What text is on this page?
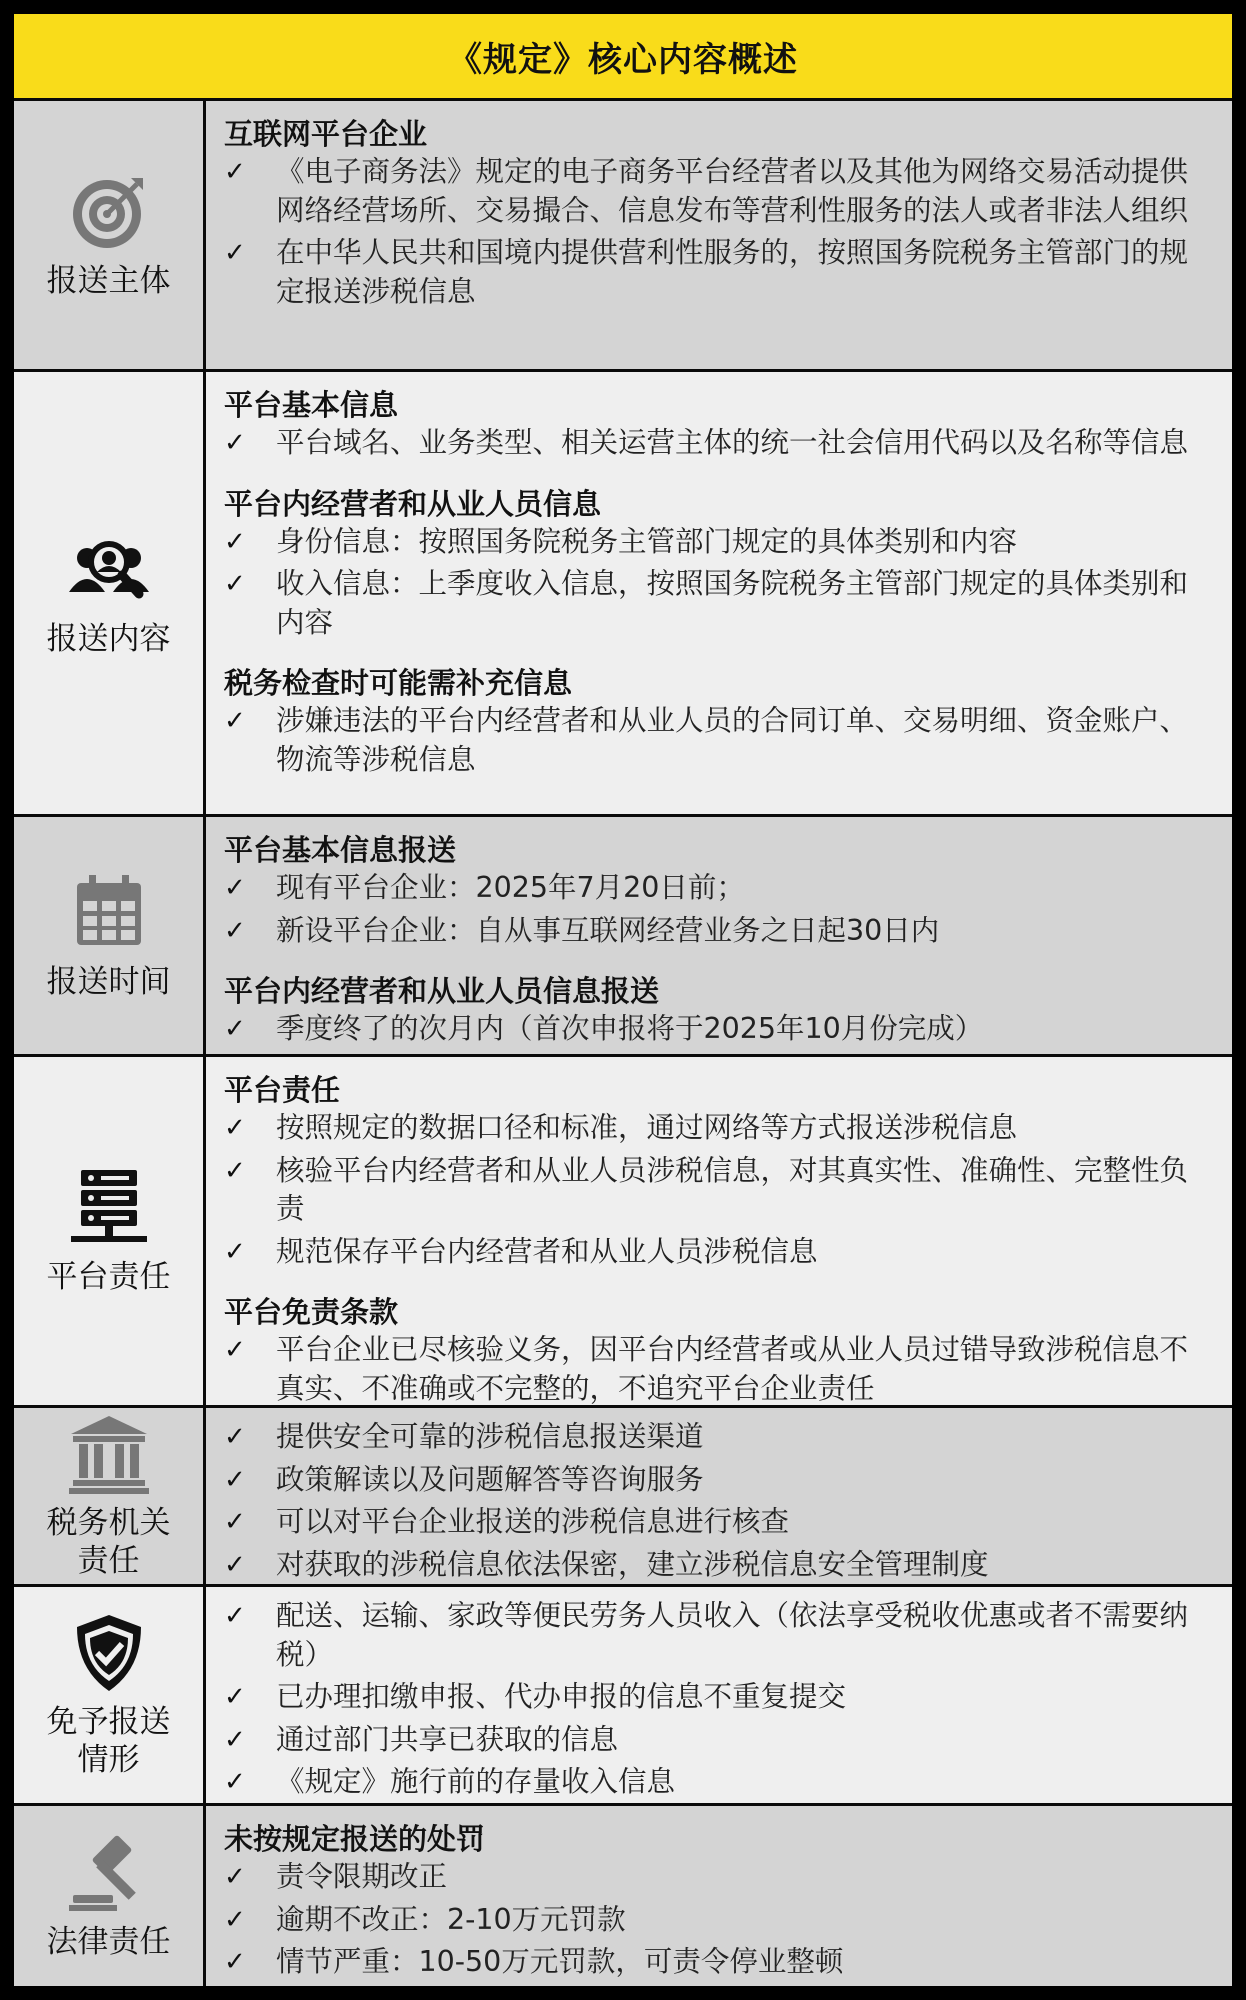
《规定》核心内容概述
报送主体
互联网平台企业
✓	《电子商务法》规定的电子商务平台经营者以及其他为网络交易活动提供网络经营场所、交易撮合、信息发布等营利性服务的法人或者非法人组织
✓	在中华人民共和国境内提供营利性服务的，按照国务院税务主管部门的规定报送涉税信息
报送内容
平台基本信息
✓	平台域名、业务类型、相关运营主体的统一社会信用代码以及名称等信息
平台内经营者和从业人员信息
✓	身份信息：按照国务院税务主管部门规定的具体类别和内容
✓	收入信息：上季度收入信息，按照国务院税务主管部门规定的具体类别和内容
税务检查时可能需补充信息
✓	涉嫌违法的平台内经营者和从业人员的合同订单、交易明细、资金账户、物流等涉税信息
报送时间
平台基本信息报送
✓	现有平台企业：2025年7月20日前；
✓	新设平台企业：自从事互联网经营业务之日起30日内
平台内经营者和从业人员信息报送
✓	季度终了的次月内（首次申报将于2025年10月份完成）
平台责任
平台责任
✓	按照规定的数据口径和标准，通过网络等方式报送涉税信息
✓	核验平台内经营者和从业人员涉税信息，对其真实性、准确性、完整性负责
✓	规范保存平台内经营者和从业人员涉税信息
平台免责条款
✓	平台企业已尽核验义务，因平台内经营者或从业人员过错导致涉税信息不真实、不准确或不完整的，不追究平台企业责任
税务机关
责任
✓	提供安全可靠的涉税信息报送渠道
✓	政策解读以及问题解答等咨询服务
✓	可以对平台企业报送的涉税信息进行核查
✓	对获取的涉税信息依法保密，建立涉税信息安全管理制度
免予报送
情形
✓	配送、运输、家政等便民劳务人员收入（依法享受税收优惠或者不需要纳税）
✓	已办理扣缴申报、代办申报的信息不重复提交
✓	通过部门共享已获取的信息
✓	《规定》施行前的存量收入信息
法律责任
未按规定报送的处罚
✓	责令限期改正
✓	逾期不改正：2-10万元罚款
✓	情节严重：10-50万元罚款，可责令停业整顿
